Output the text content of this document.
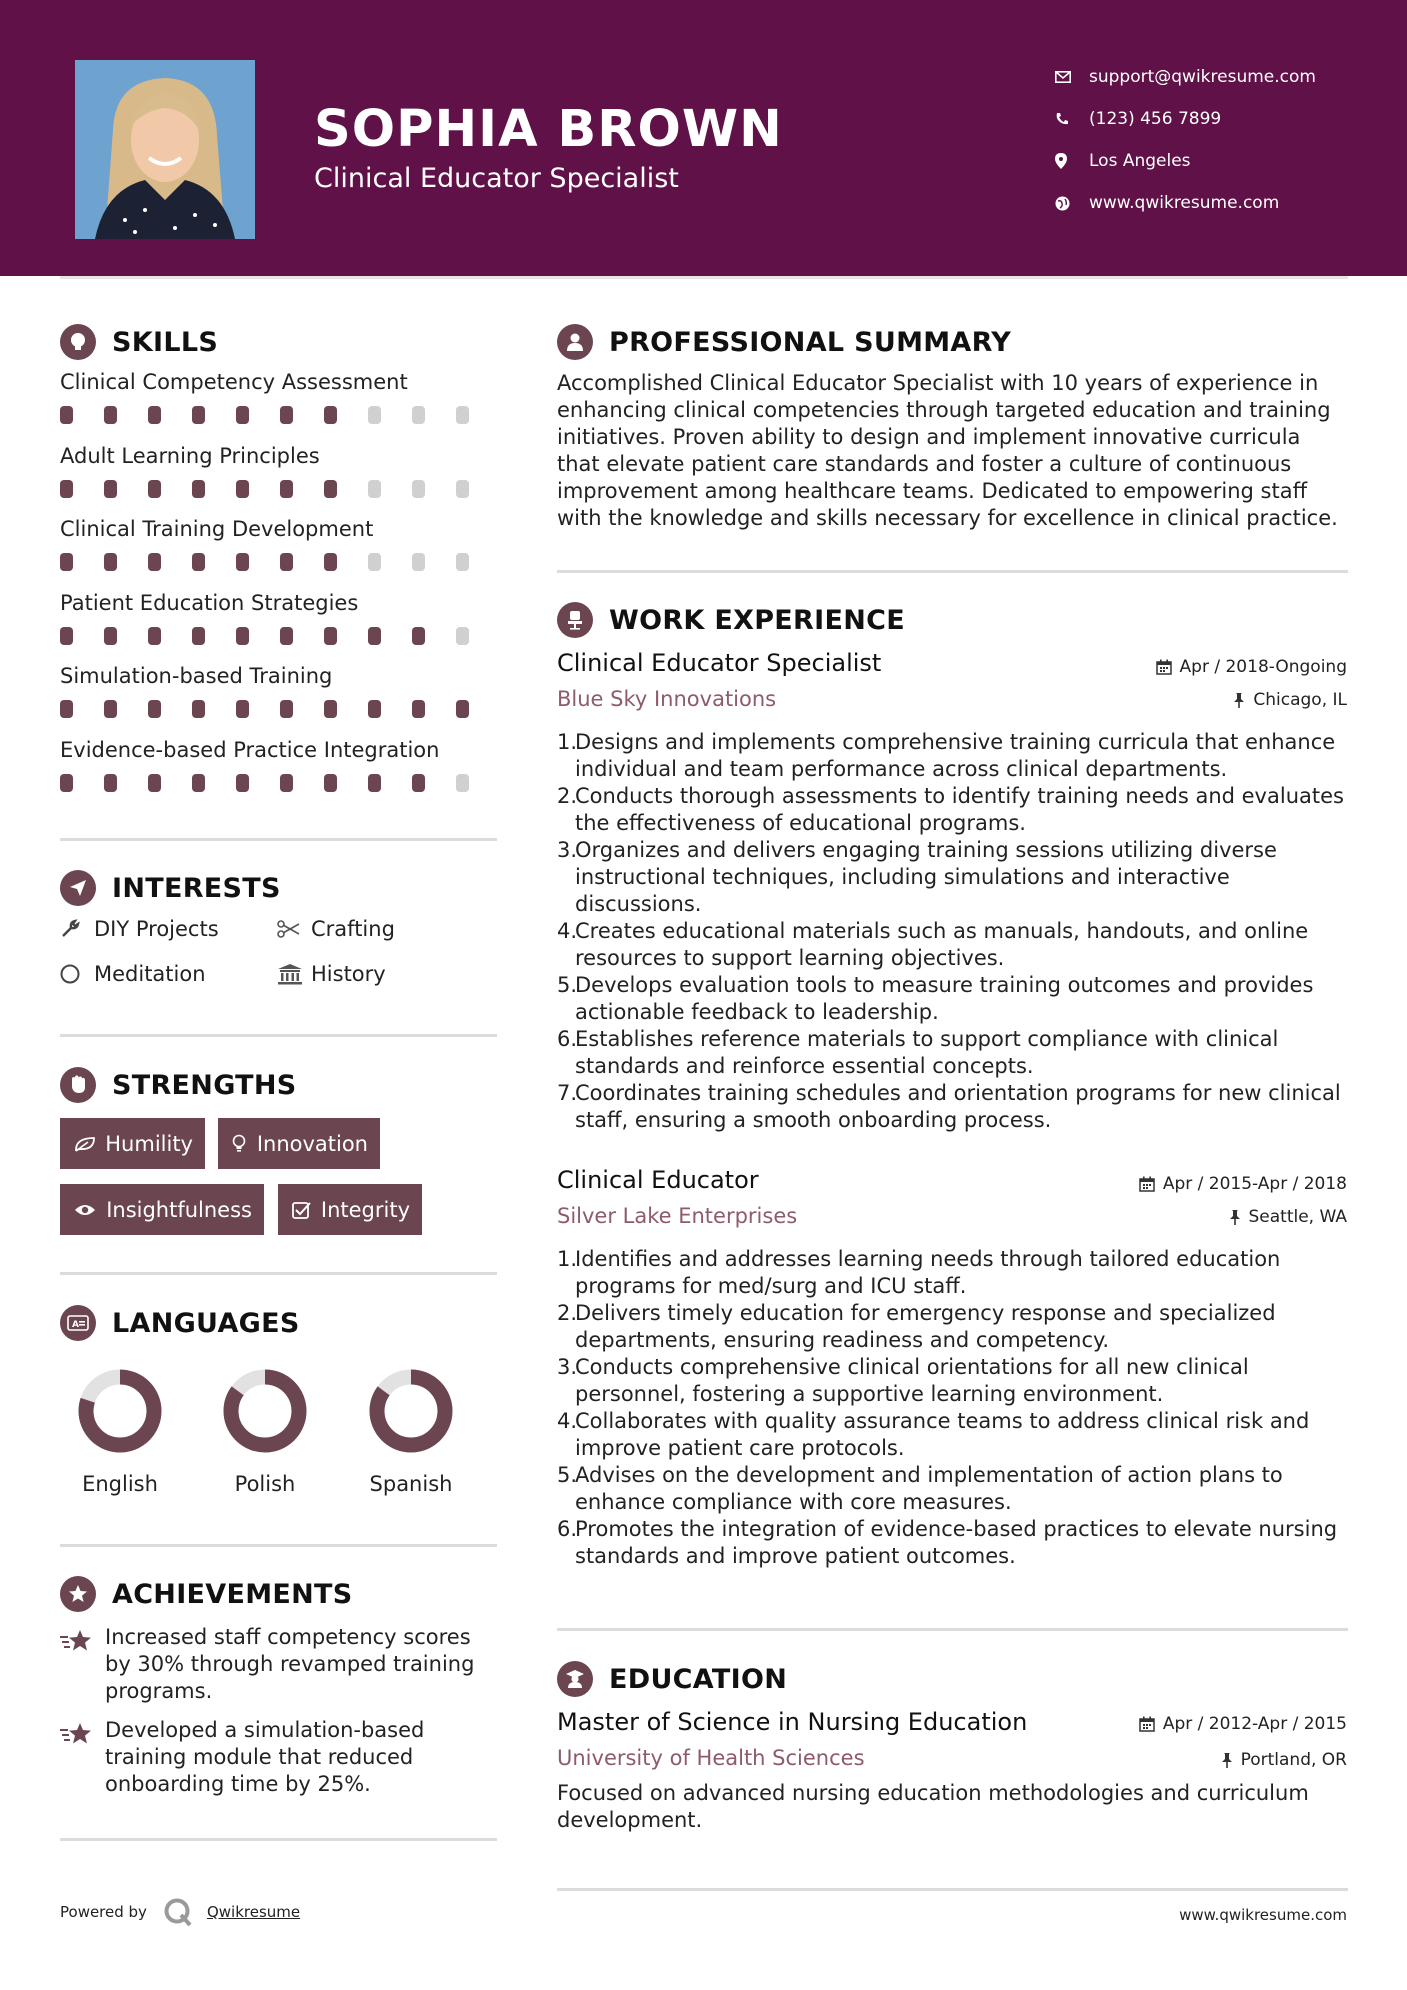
SOPHIA BROWN
Clinical Educator Specialist
support@qwikresume.com
(123) 456 7899
Los Angeles
www.qwikresume.com
SKILLS
Clinical Competency Assessment
Adult Learning Principles
Clinical Training Development
Patient Education Strategies
Simulation-based Training
Evidence-based Practice Integration
INTERESTS
DIY Projects	Crafting
Meditation	History
STRENGTHS
Humility	Innovation
Insightfulness	Integrity
A LANGUAGES
English	Polish	Spanish
ACHIEVEMENTS
Increased staff competency scores by 30% through revamped training programs.
Developed a simulation-based training module that reduced onboarding time by 25%.
PROFESSIONAL SUMMARY
Accomplished Clinical Educator Specialist with 10 years of experience in enhancing clinical competencies through targeted education and training initiatives. Proven ability to design and implement innovative curricula that elevate patient care standards and foster a culture of continuous improvement among healthcare teams. Dedicated to empowering staff with the knowledge and skills necessary for excellence in clinical practice.
WORK EXPERIENCE
Clinical Educator Specialist	Apr / 2018-Ongoing
Blue Sky Innovations	Chicago, IL
1.
Designs and implements comprehensive training curricula that enhance individual and team performance across clinical departments.
2.
Conducts thorough assessments to identify training needs and evaluates the effectiveness of educational programs.
3.
Organizes and delivers engaging training sessions utilizing diverse instructional techniques, including simulations and interactive discussions.
4.
Creates educational materials such as manuals, handouts, and online resources to support learning objectives.
5.
Develops evaluation tools to measure training outcomes and provides actionable feedback to leadership.
6.
Establishes reference materials to support compliance with clinical standards and reinforce essential concepts.
7.
Coordinates training schedules and orientation programs for new clinical staff, ensuring a smooth onboarding process.
Clinical Educator	Apr / 2015-Apr / 2018
Silver Lake Enterprises	Seattle, WA
1.
Identifies and addresses learning needs through tailored education programs for med/surg and ICU staff.
2.
Delivers timely education for emergency response and specialized departments, ensuring readiness and competency.
3.
Conducts comprehensive clinical orientations for all new clinical personnel, fostering a supportive learning environment.
4.
Collaborates with quality assurance teams to address clinical risk and improve patient care protocols.
5.
Advises on the development and implementation of action plans to enhance compliance with core measures.
6.
Promotes the integration of evidence-based practices to elevate nursing standards and improve patient outcomes.
EDUCATION
Master of Science in Nursing Education	Apr / 2012-Apr / 2015
University of Health Sciences	Portland, OR
Focused on advanced nursing education methodologies and curriculum development.
Powered by	Qwikresume	www.qwikresume.com
